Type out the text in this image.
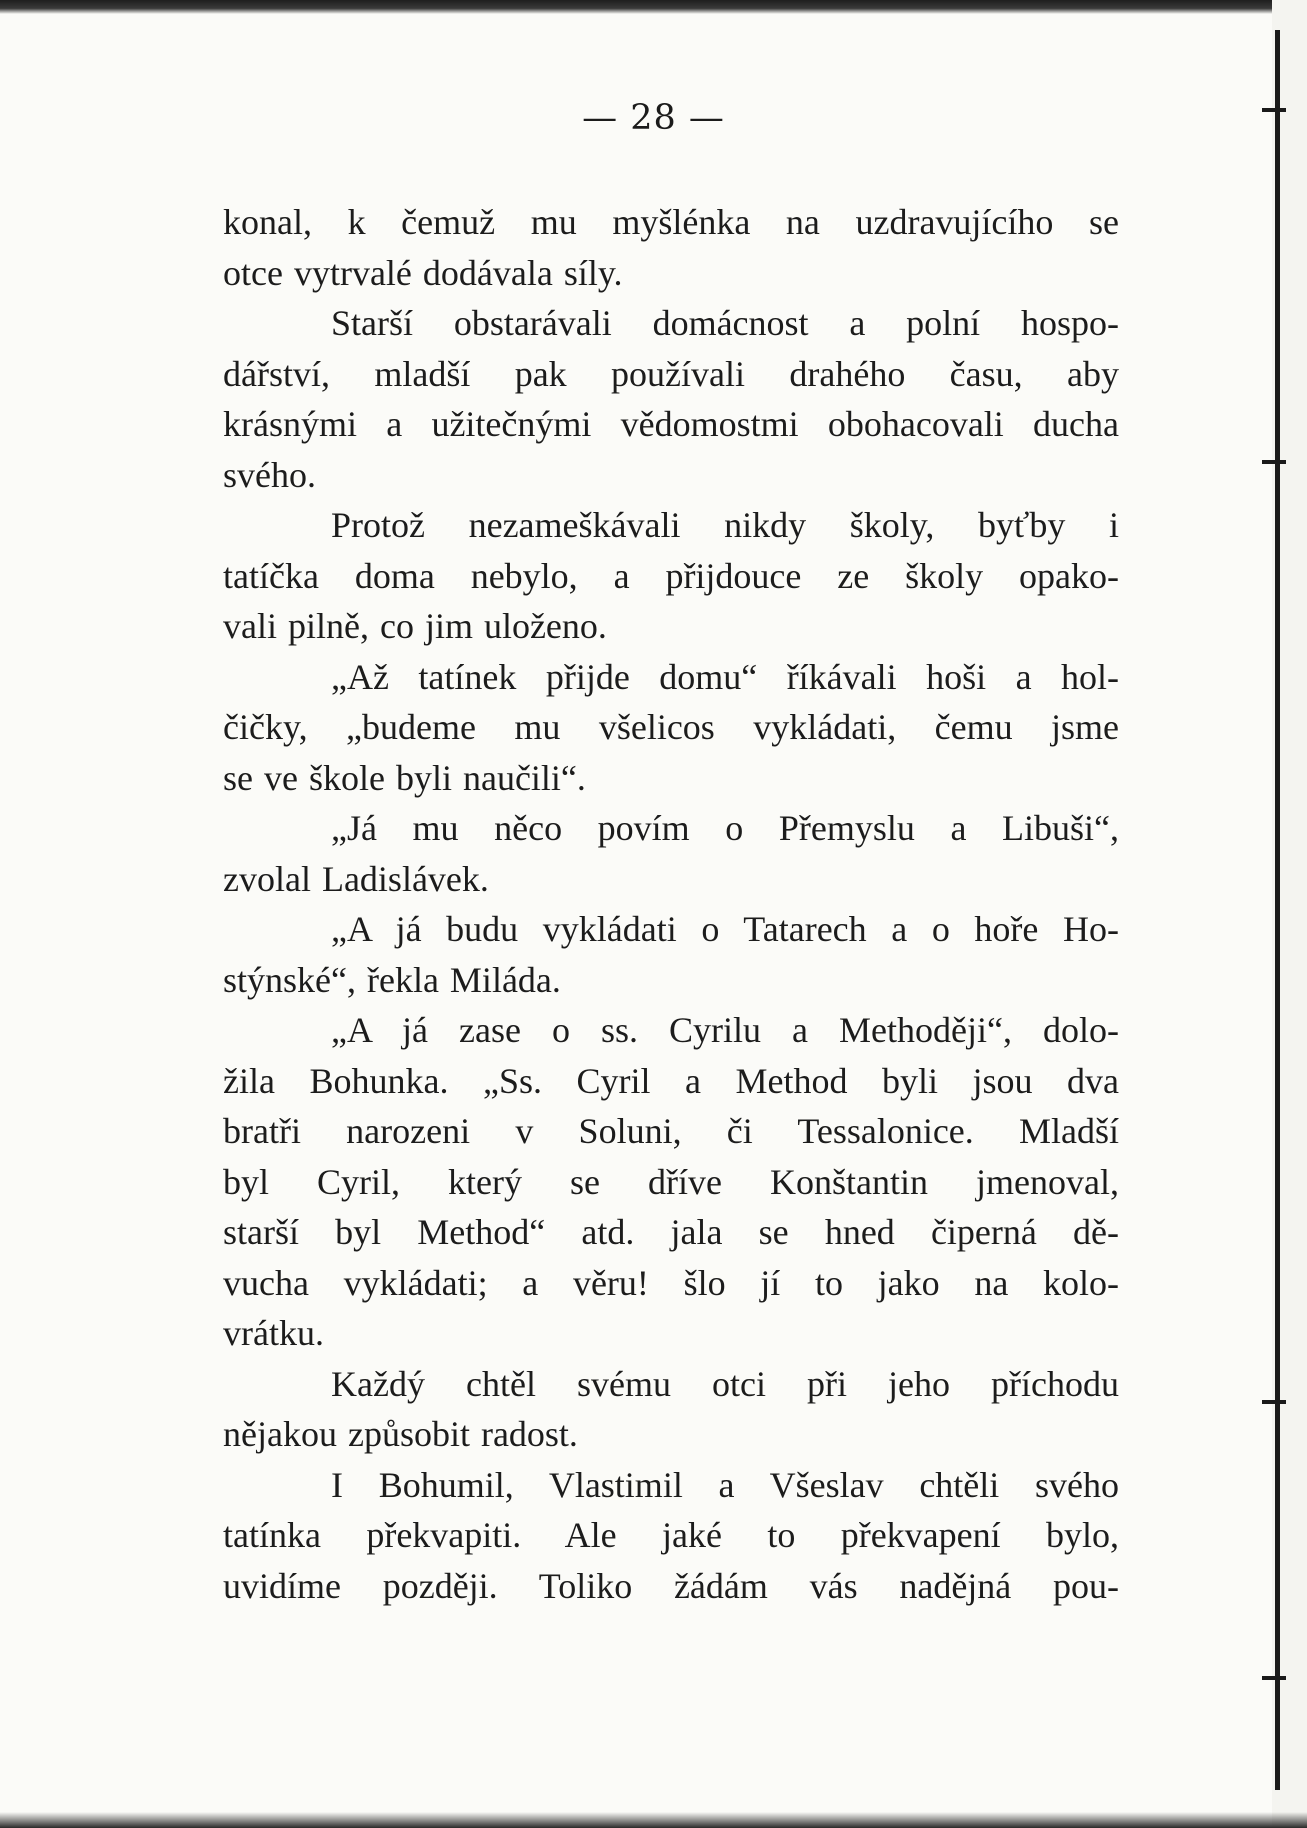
— 28 —
konal, k čemuž mu myšlénka na uzdravujícího se
otce vytrvalé dodávala síly.
Starší obstarávali domácnost a polní hospo-
dářství, mladší pak používali drahého času, aby
krásnými a užitečnými vědomostmi obohacovali ducha
svého.
Protož nezameškávali nikdy školy, byťby i
tatíčka doma nebylo, a přijdouce ze školy opako-
vali pilně, co jim uloženo.
„Až tatínek přijde domu“ říkávali hoši a hol-
čičky, „budeme mu všelicos vykládati, čemu jsme
se ve škole byli naučili“.
„Já mu něco povím o Přemyslu a Libuši“,
zvolal Ladislávek.
„A já budu vykládati o Tatarech a o hoře Ho-
stýnské“, řekla Miláda.
„A já zase o ss. Cyrilu a Methoději“, dolo-
žila Bohunka. „Ss. Cyril a Method byli jsou dva
bratři narozeni v Soluni, či Tessalonice. Mladší
byl Cyril, který se dříve Konštantin jmenoval,
starší byl Method“ atd. jala se hned čiperná dě-
vucha vykládati; a věru! šlo jí to jako na kolo-
vrátku.
Každý chtěl svému otci při jeho příchodu
nějakou způsobit radost.
I Bohumil, Vlastimil a Všeslav chtěli svého
tatínka překvapiti. Ale jaké to překvapení bylo,
uvidíme později. Toliko žádám vás nadějná pou-
